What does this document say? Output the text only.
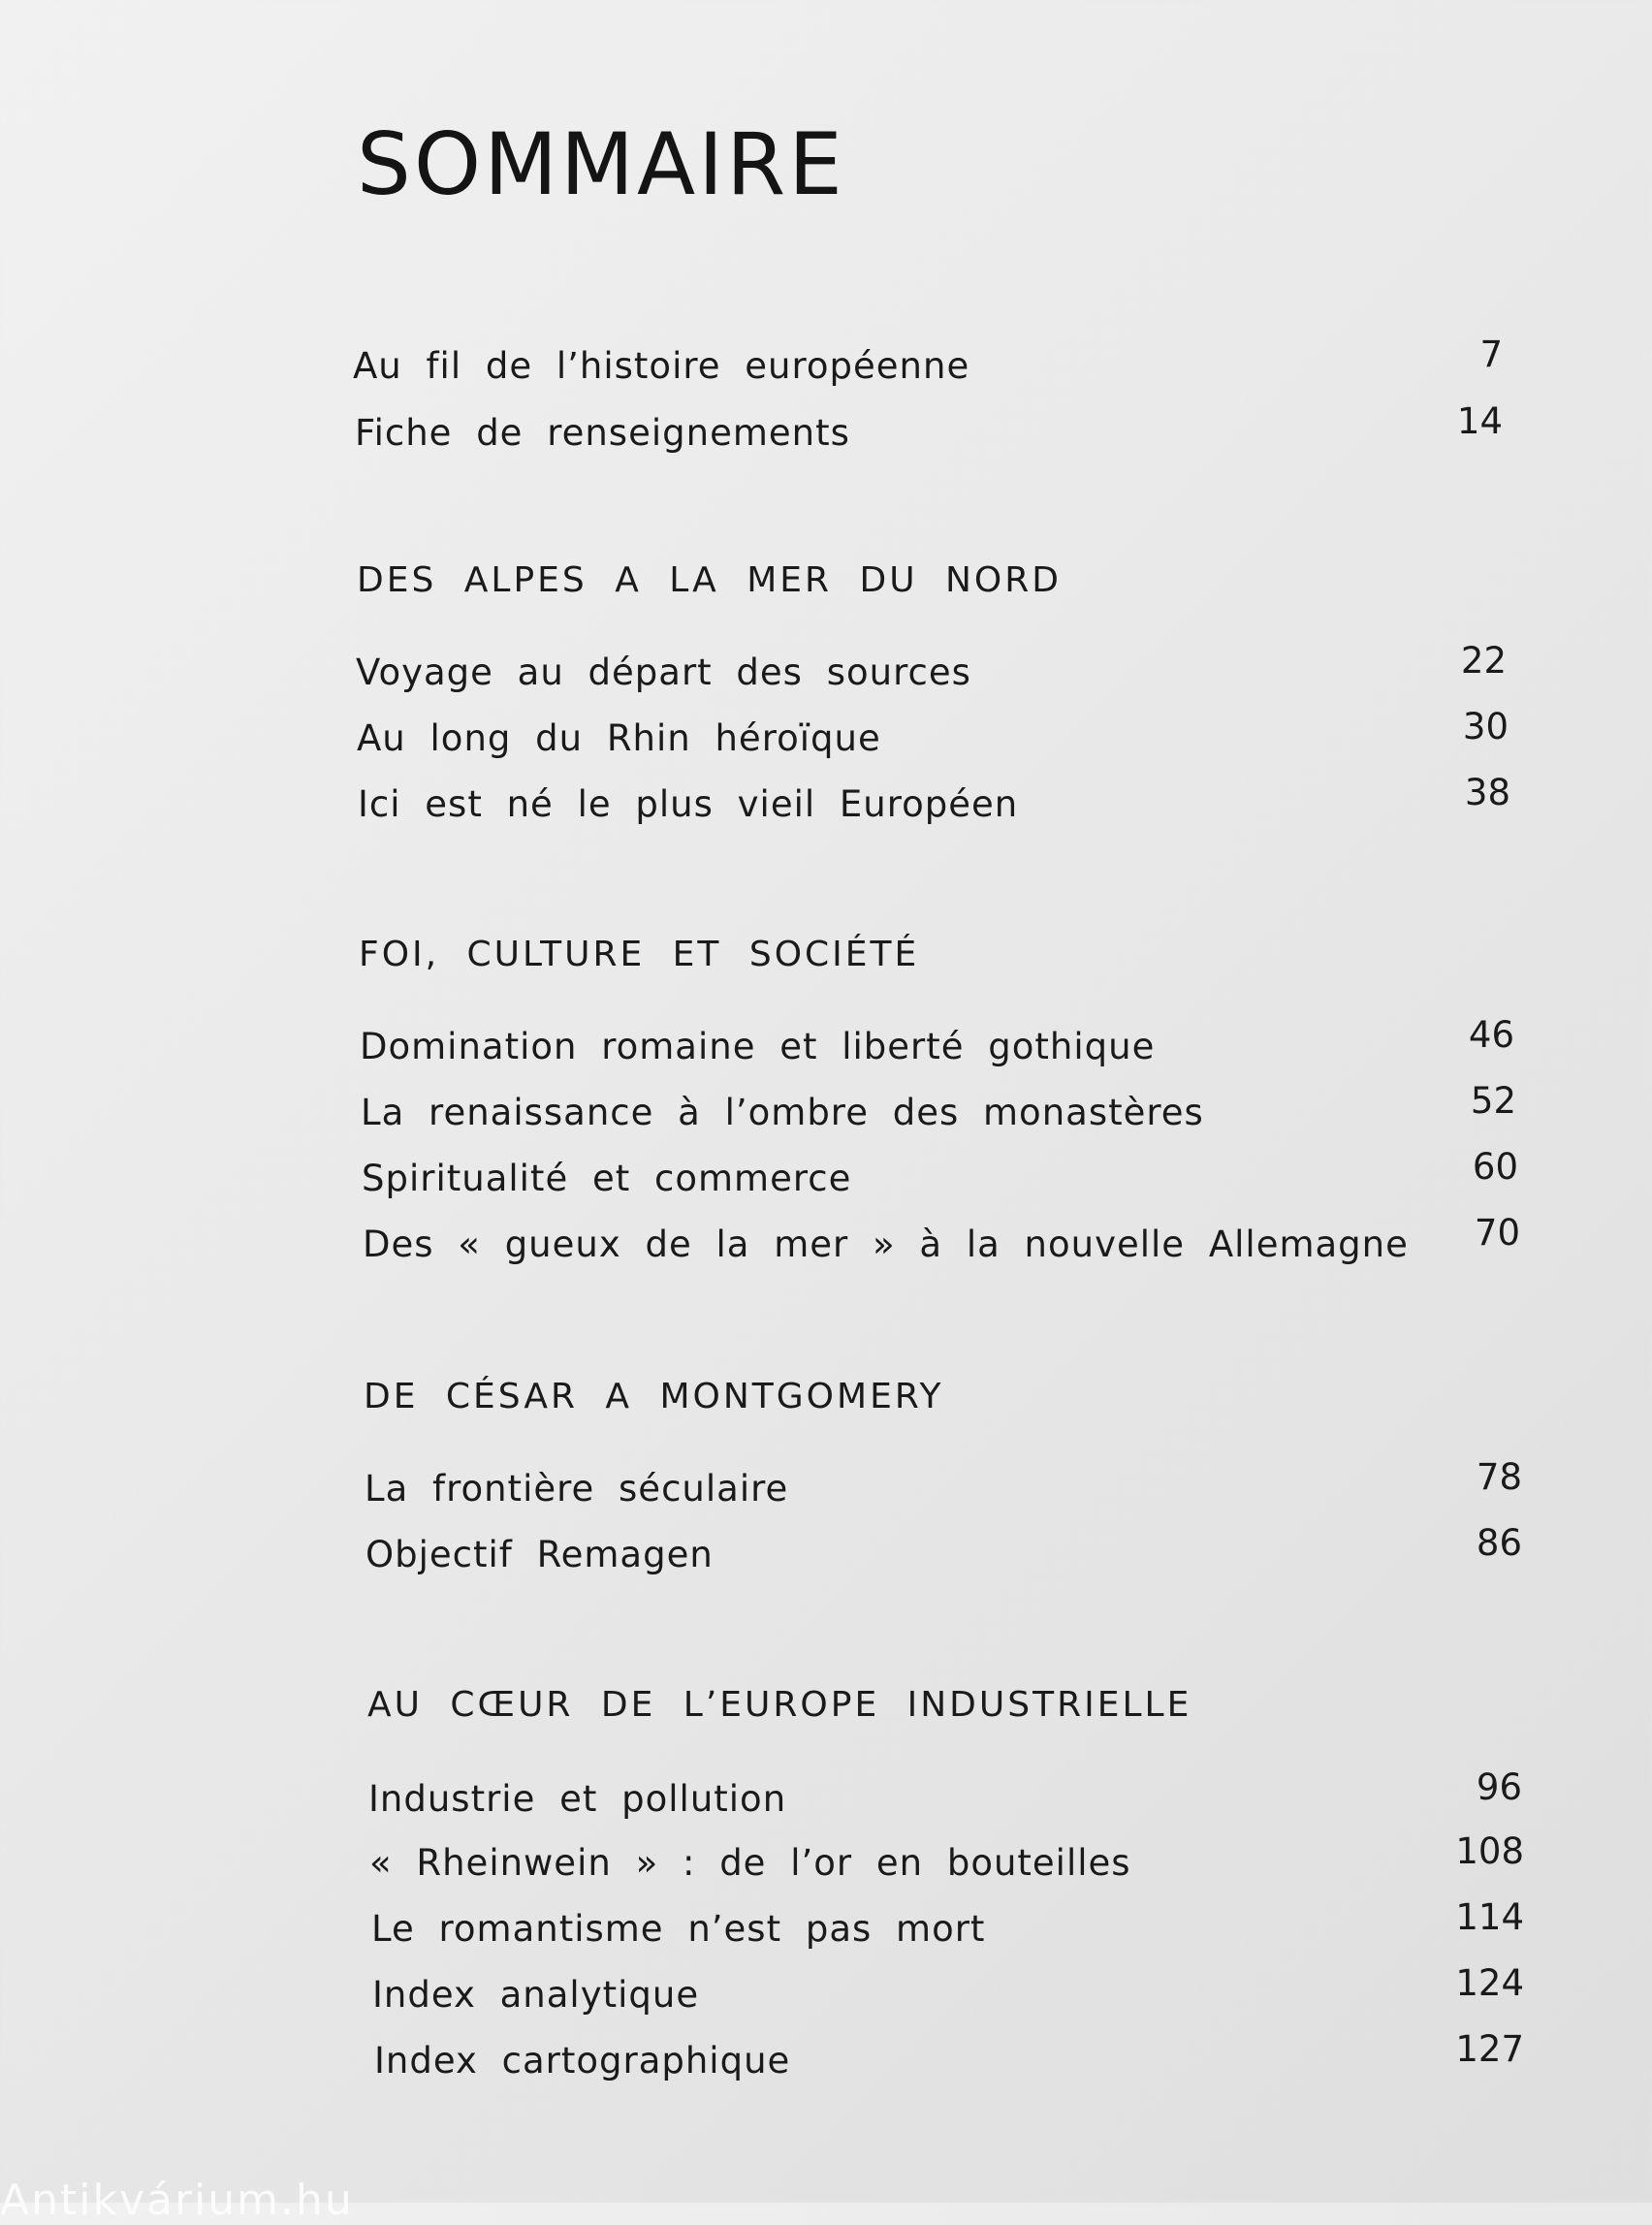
SOMMAIRE
Au fil de l’histoire européenne	7
Fiche de renseignements	14
DES ALPES A LA MER DU NORD
Voyage au départ des sources	22
Au long du Rhin héroïque	30
Ici est né le plus vieil Européen	38
FOI, CULTURE ET SOCIÉTÉ
Domination romaine et liberté gothique	46
La renaissance à l’ombre des monastères	52
Spiritualité et commerce	60
Des « gueux de la mer » à la nouvelle Allemagne	70
DE CÉSAR A MONTGOMERY
La frontière séculaire	78
Objectif Remagen	86
AU CŒUR DE L’EUROPE INDUSTRIELLE
Industrie et pollution	96
« Rheinwein » : de l’or en bouteilles	108
Le romantisme n’est pas mort	114
Index analytique	124
Index cartographique	127
Antikvárium.hu
